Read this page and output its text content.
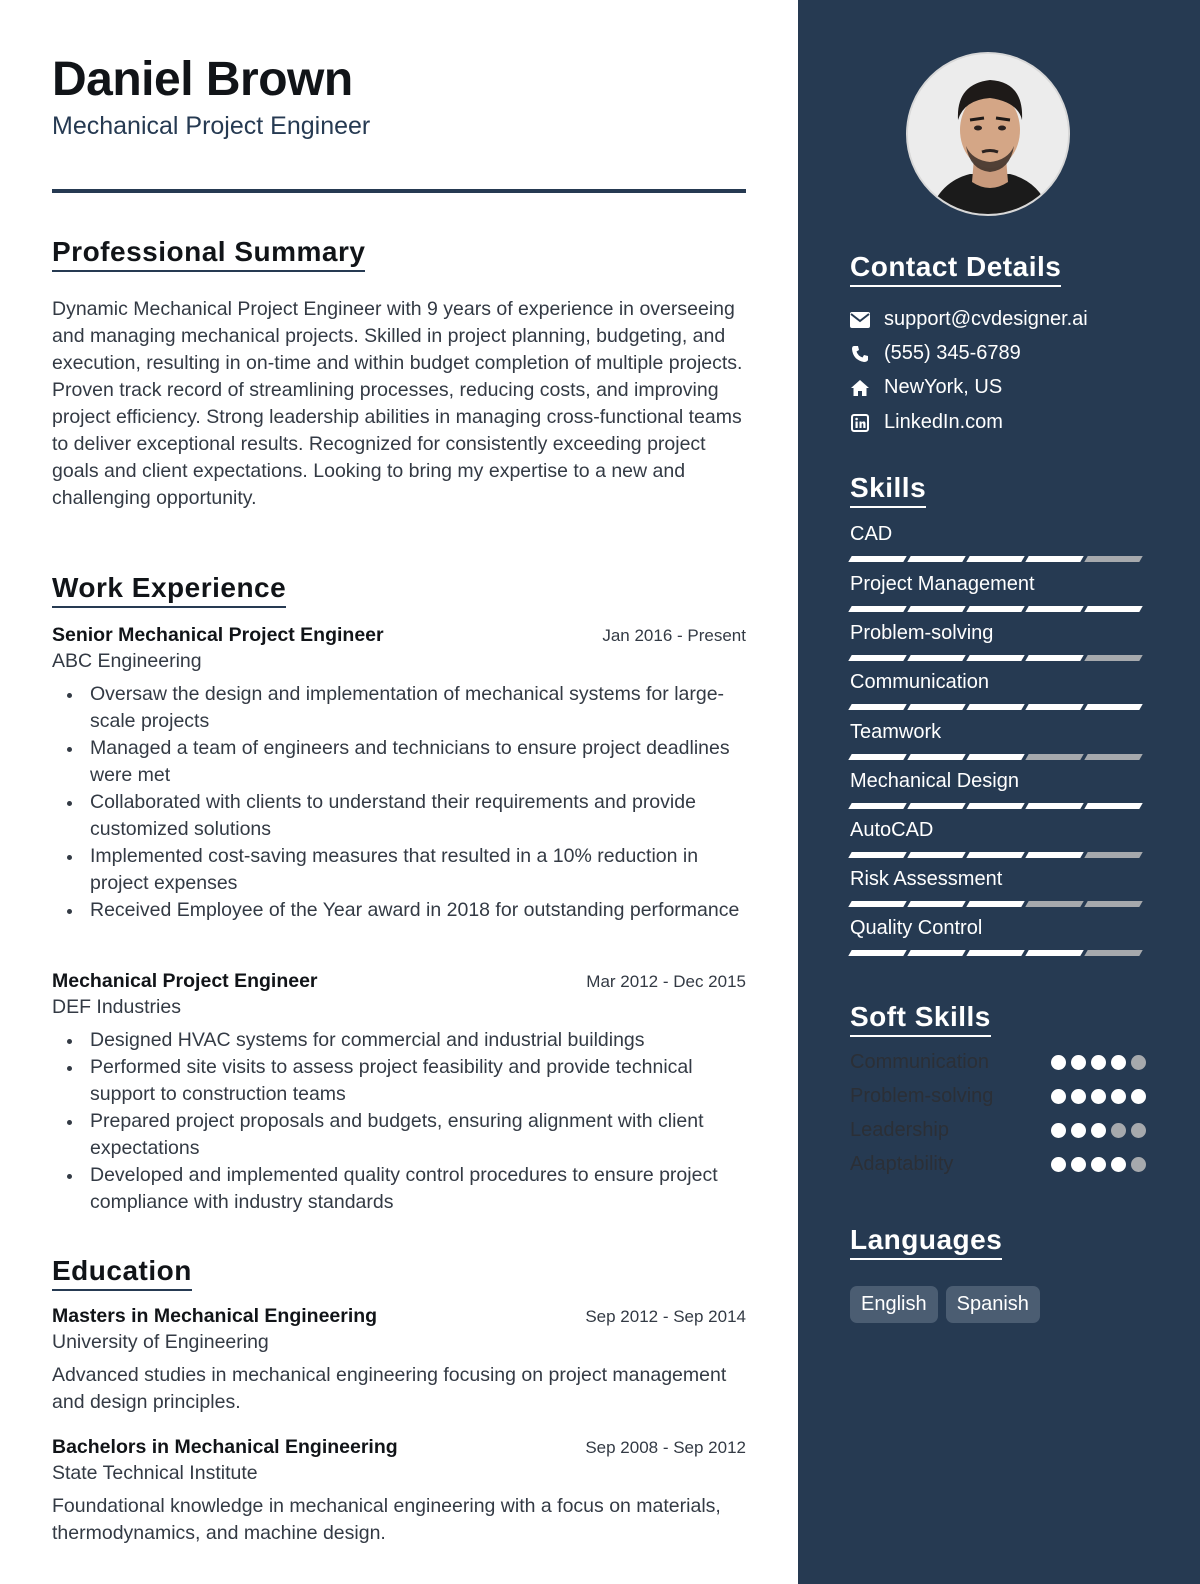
Daniel Brown
Mechanical Project Engineer
Professional Summary
Dynamic Mechanical Project Engineer with 9 years of experience in overseeing and managing mechanical projects. Skilled in project planning, budgeting, and execution, resulting in on-time and within budget completion of multiple projects. Proven track record of streamlining processes, reducing costs, and improving project efficiency. Strong leadership abilities in managing cross-functional teams to deliver exceptional results. Recognized for consistently exceeding project goals and client expectations. Looking to bring my expertise to a new and challenging opportunity.
Work Experience
Senior Mechanical Project Engineer	Jan 2016 - Present
ABC Engineering
Oversaw the design and implementation of mechanical systems for large-scale projects
Managed a team of engineers and technicians to ensure project deadlines were met
Collaborated with clients to understand their requirements and provide customized solutions
Implemented cost-saving measures that resulted in a 10% reduction in project expenses
Received Employee of the Year award in 2018 for outstanding performance
Mechanical Project Engineer	Mar 2012 - Dec 2015
DEF Industries
Designed HVAC systems for commercial and industrial buildings
Performed site visits to assess project feasibility and provide technical support to construction teams
Prepared project proposals and budgets, ensuring alignment with client expectations
Developed and implemented quality control procedures to ensure project compliance with industry standards
Education
Masters in Mechanical Engineering	Sep 2012 - Sep 2014
University of Engineering
Advanced studies in mechanical engineering focusing on project management and design principles.
Bachelors in Mechanical Engineering	Sep 2008 - Sep 2012
State Technical Institute
Foundational knowledge in mechanical engineering with a focus on materials, thermodynamics, and machine design.
Contact Details
support@cvdesigner.ai
(555) 345-6789
NewYork, US
LinkedIn.com
Skills
CAD
Project Management
Problem-solving
Communication
Teamwork
Mechanical Design
AutoCAD
Risk Assessment
Quality Control
Soft Skills
Communication
Problem-solving
Leadership
Adaptability
Languages
English	Spanish
